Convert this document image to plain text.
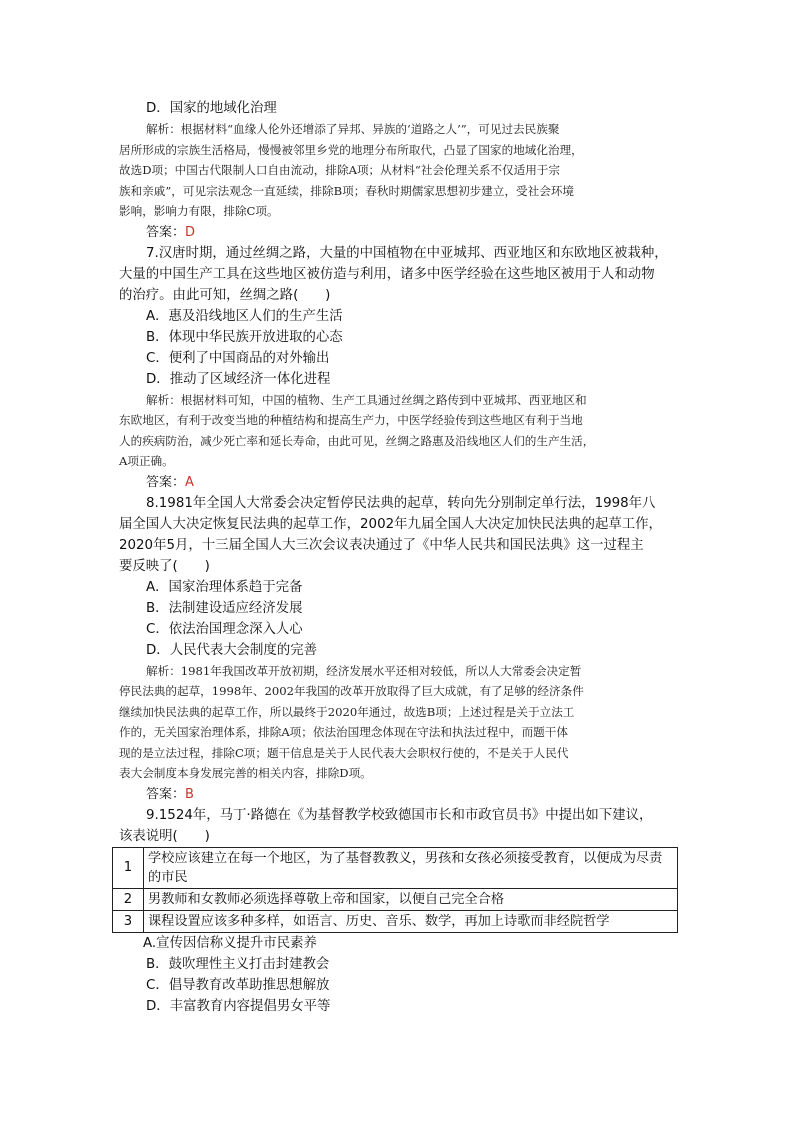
D．国家的地域化治理
解析：根据材料“血缘人伦外还增添了异邦、异族的‘道路之人’”，可见过去民族聚
居所形成的宗族生活格局，慢慢被邻里乡党的地理分布所取代，凸显了国家的地域化治理，
故选D项；中国古代限制人口自由流动，排除A项；从材料“社会伦理关系不仅适用于宗
族和亲戚”，可见宗法观念一直延续，排除B项；春秋时期儒家思想初步建立，受社会环境
影响，影响力有限，排除C项。
答案：D
7.汉唐时期，通过丝绸之路，大量的中国植物在中亚城邦、西亚地区和东欧地区被栽种，
大量的中国生产工具在这些地区被仿造与利用，诸多中医学经验在这些地区被用于人和动物
的治疗。由此可知，丝绸之路(　　)
A．惠及沿线地区人们的生产生活
B．体现中华民族开放进取的心态
C．便利了中国商品的对外输出
D．推动了区域经济一体化进程
解析：根据材料可知，中国的植物、生产工具通过丝绸之路传到中亚城邦、西亚地区和
东欧地区，有利于改变当地的种植结构和提高生产力，中医学经验传到这些地区有利于当地
人的疾病防治，减少死亡率和延长寿命，由此可见，丝绸之路惠及沿线地区人们的生产生活，
A项正确。
答案：A
8.1981年全国人大常委会决定暂停民法典的起草，转向先分别制定单行法，1998年八
届全国人大决定恢复民法典的起草工作，2002年九届全国人大决定加快民法典的起草工作，
2020年5月，十三届全国人大三次会议表决通过了《中华人民共和国民法典》这一过程主
要反映了(　　)
A．国家治理体系趋于完备
B．法制建设适应经济发展
C．依法治国理念深入人心
D．人民代表大会制度的完善
解析：1981年我国改革开放初期，经济发展水平还相对较低，所以人大常委会决定暂
停民法典的起草，1998年、2002年我国的改革开放取得了巨大成就，有了足够的经济条件
继续加快民法典的起草工作，所以最终于2020年通过，故选B项；上述过程是关于立法工
作的，无关国家治理体系，排除A项；依法治国理念体现在守法和执法过程中，而题干体
现的是立法过程，排除C项；题干信息是关于人民代表大会职权行使的，不是关于人民代
表大会制度本身发展完善的相关内容，排除D项。
答案：B
9.1524年，马丁·路德在《为基督教学校致德国市长和市政官员书》中提出如下建议，
该表说明(　　)
1	学校应该建立在每一个地区，为了基督教教义，男孩和女孩必须接受教育，以便成为尽责的市民
2	男教师和女教师必须选择尊敬上帝和国家，以便自己完全合格
3	课程设置应该多种多样，如语言、历史、音乐、数学，再加上诗歌而非经院哲学
A.宣传因信称义提升市民素养
B．鼓吹理性主义打击封建教会
C．倡导教育改革助推思想解放
D．丰富教育内容提倡男女平等
